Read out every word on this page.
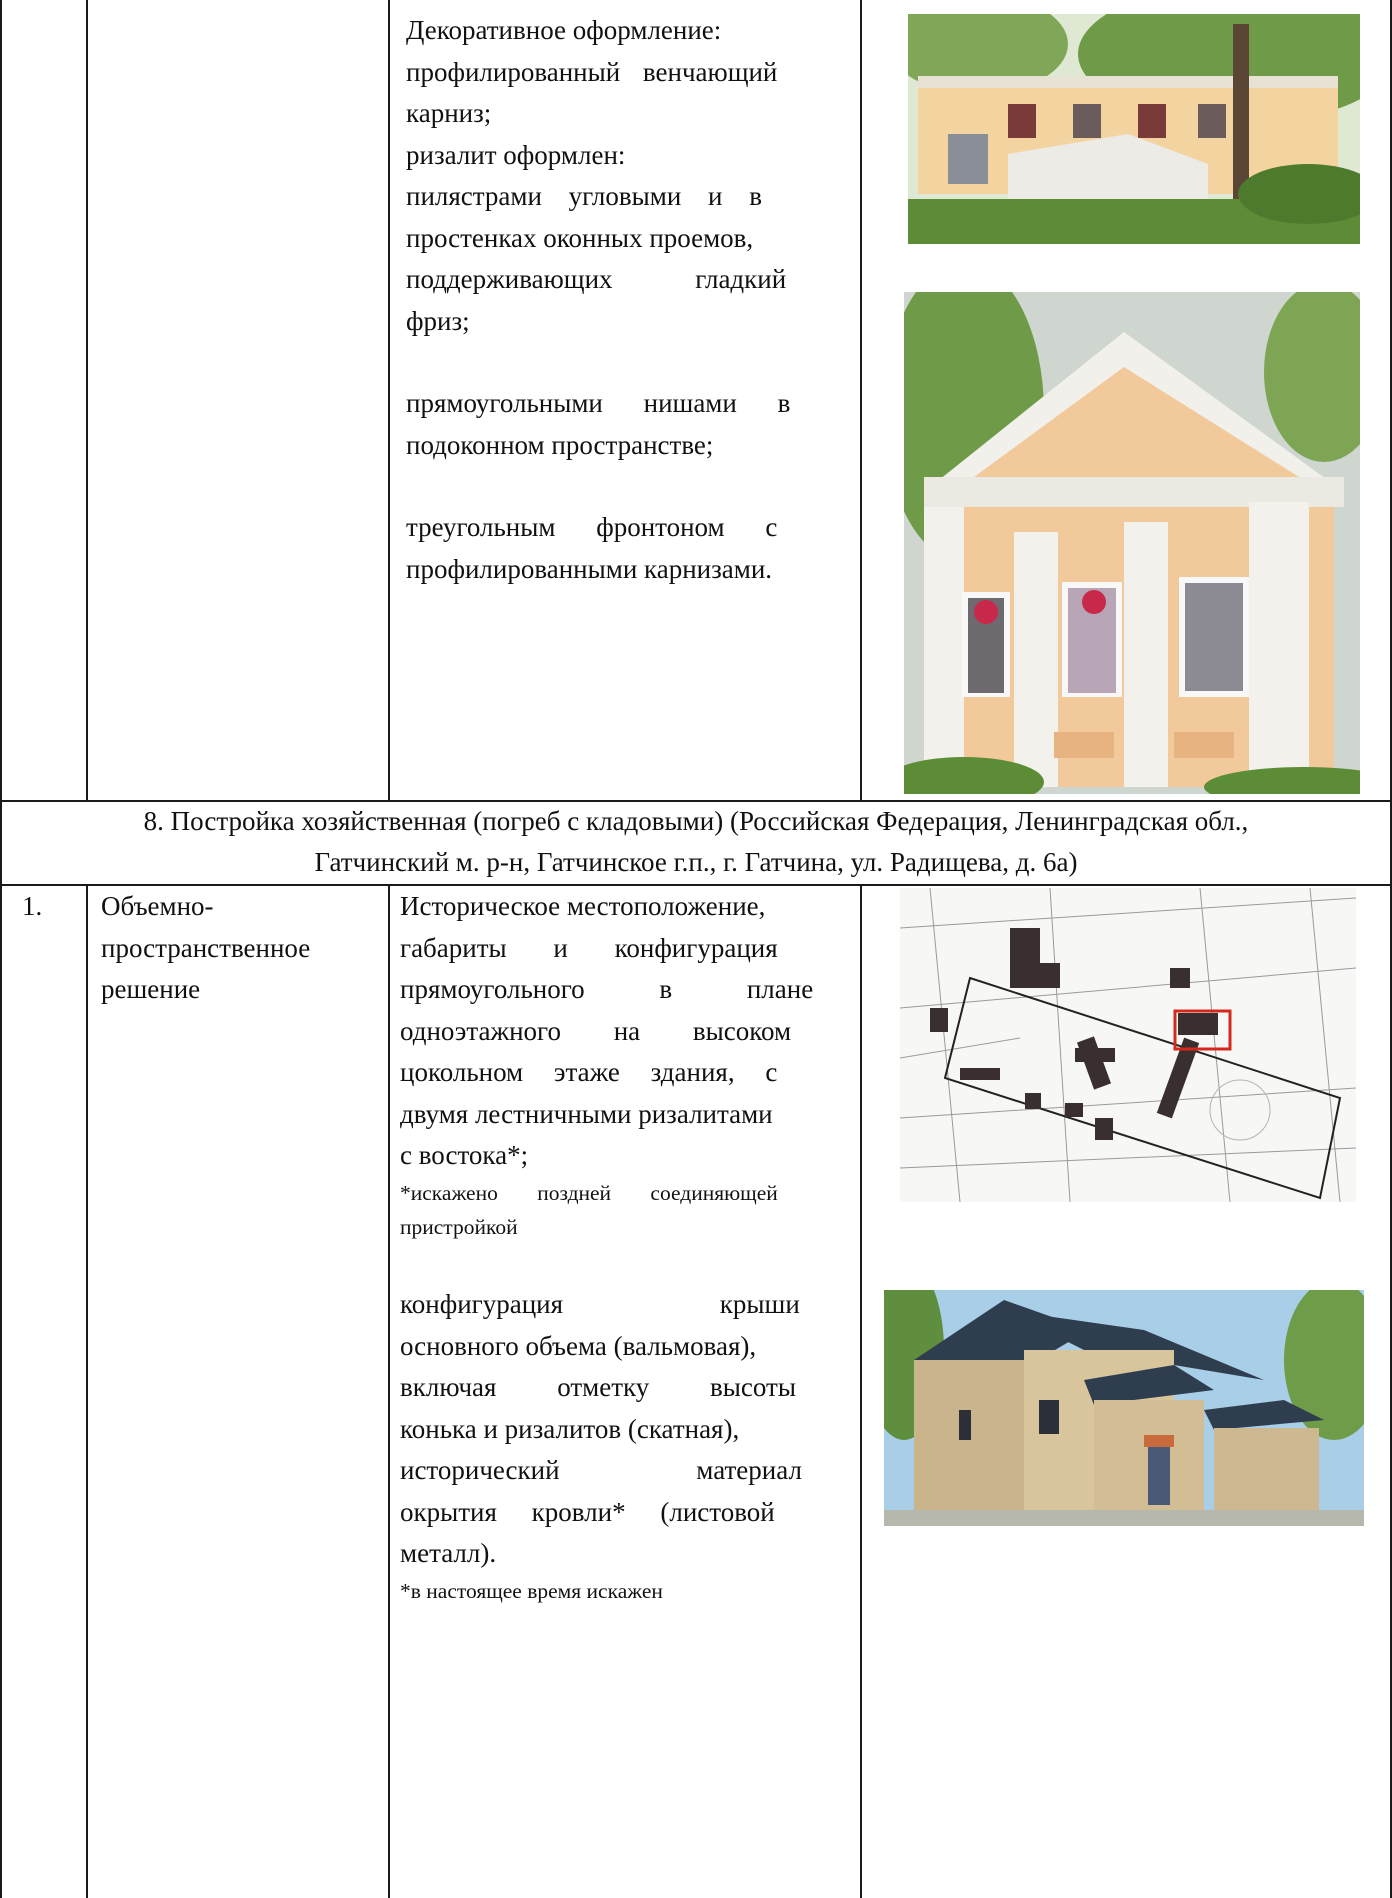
Декоративное оформление:

профилированный венчающий

карниз;

ризалит оформлен:

пилястрами угловыми и в

простенках оконных проемов,

поддерживающих гладкий

фриз;

прямоугольными нишами в

подоконном пространстве;

треугольным фронтоном с

профилированными карнизами.

8. Постройка хозяйственная (погреб с кладовыми) (Российская Федерация, Ленинградская обл.,
Гатчинский м. р-н, Гатчинское г.п., г. Гатчина, ул. Радищева, д. 6а)
1.	Объемно-

пространственное

решение

Историческое местоположение,

габариты и конфигурация

прямоугольного в плане

одноэтажного на высоком

цокольном этаже здания, с

двумя лестничными ризалитами

с востока*;

*искажено поздней соединяющей

пристройкой

конфигурация крыши

основного объема (вальмовая),

включая отметку высоты

конька и ризалитов (скатная),

исторический материал

окрытия кровли* (листовой

металл).

*в настоящее время искажен
